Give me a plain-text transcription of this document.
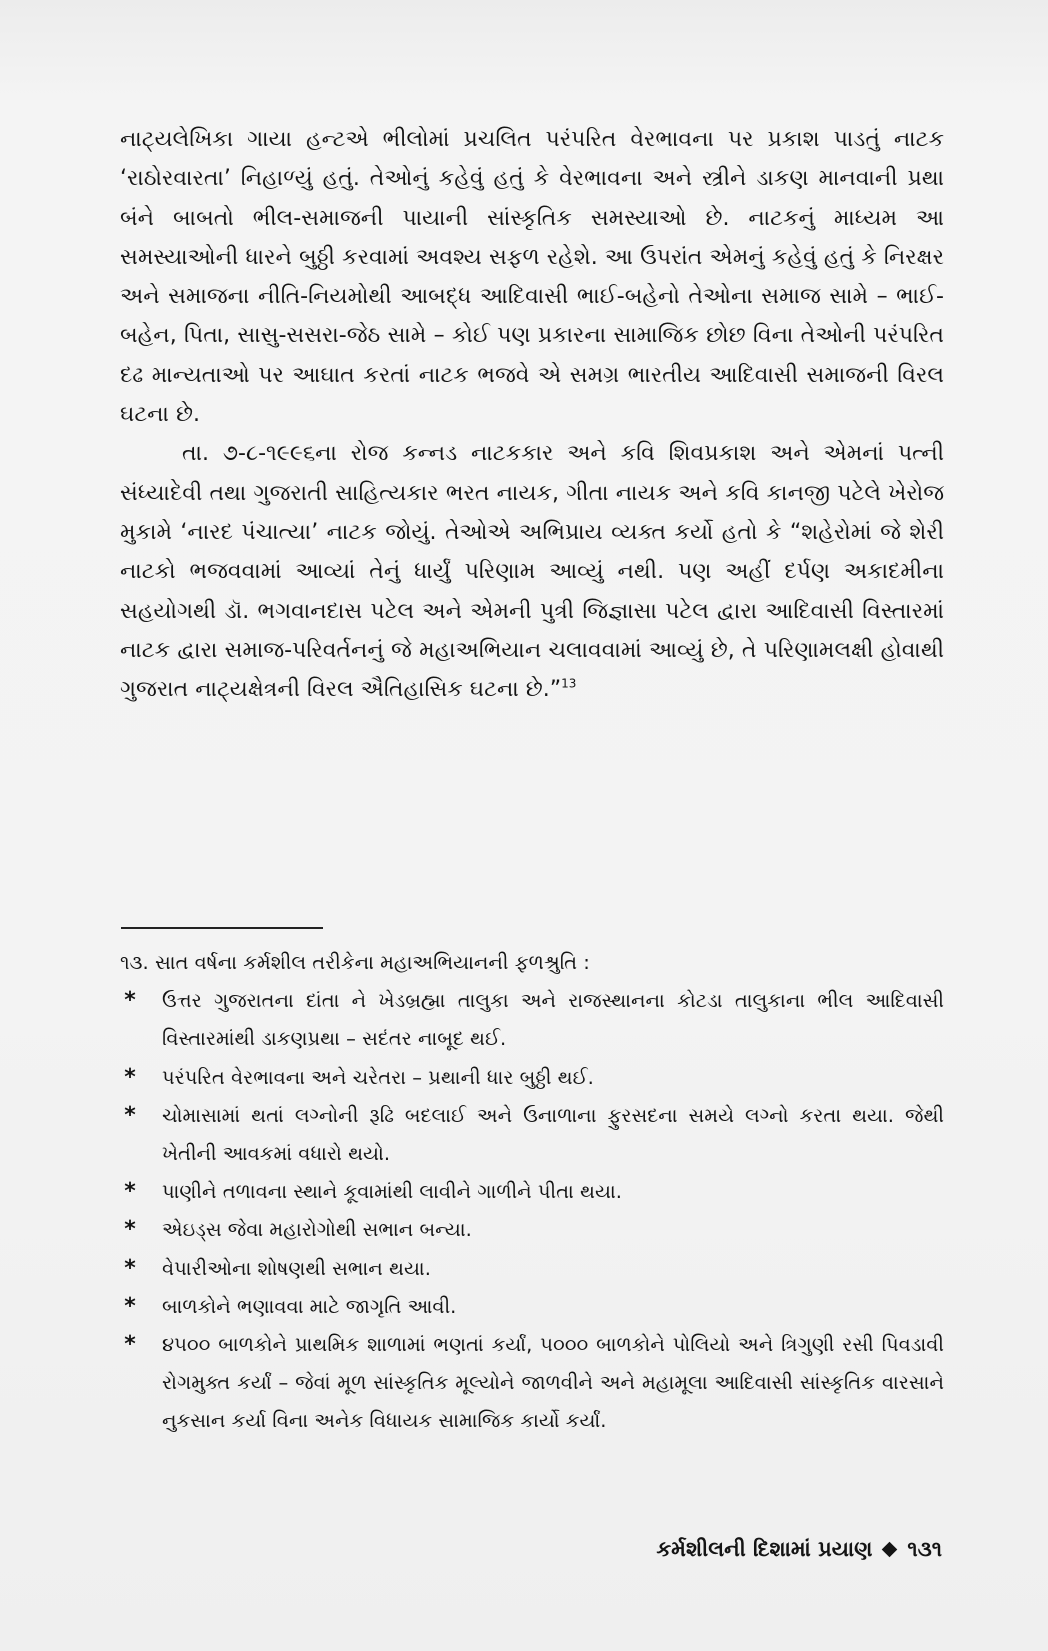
નાટ્યલેખિકા ગાયા હન્ટએ ભીલોમાં પ્રચલિત પરંપરિત વેરભાવના પર પ્રકાશ પાડતું નાટક ‘રાઠોરવારતા’ નિહાળ્યું હતું. તેઓનું કહેવું હતું કે વેરભાવના અને સ્ત્રીને ડાકણ માનવાની પ્રથા બંને બાબતો ભીલ-સમાજની પાયાની સાંસ્કૃતિક સમસ્યાઓ છે. નાટકનું માધ્યમ આ સમસ્યાઓની ધારને બુઠ્ઠી કરવામાં અવશ્ય સફળ રહેશે. આ ઉપરાંત એમનું કહેવું હતું કે નિરક્ષર અને સમાજના નીતિ-નિયમોથી આબદ્ધ આદિવાસી ભાઈ-બહેનો તેઓના સમાજ સામે – ભાઈ-બહેન, પિતા, સાસુ-સસરા-જેઠ સામે – કોઈ પણ પ્રકારના સામાજિક છોછ વિના તેઓની પરંપરિત દઢ માન્યતાઓ પર આઘાત કરતાં નાટક ભજવે એ સમગ્ર ભારતીય આદિવાસી સમાજની વિરલ ઘટના છે.

તા. ૭-૮-૧૯૯૬ના રોજ કન્નડ નાટકકાર અને કવિ શિવપ્રકાશ અને એમનાં પત્ની સંધ્યાદેવી તથા ગુજરાતી સાહિત્યકાર ભરત નાયક, ગીતા નાયક અને કવિ કાનજી પટેલે ખેરોજ મુકામે ‘નારદ પંચાત્યા’ નાટક જોયું. તેઓએ અભિપ્રાય વ્યક્ત કર્યો હતો કે “શહેરોમાં જે શેરી નાટકો ભજવવામાં આવ્યાં તેનું ધાર્યું પરિણામ આવ્યું નથી. પણ અહીં દર્પણ અકાદમીના સહયોગથી ડૉ. ભગવાનદાસ પટેલ અને એમની પુત્રી જિજ્ઞાસા પટેલ દ્વારા આદિવાસી વિસ્તારમાં નાટક દ્વારા સમાજ-પરિવર્તનનું જે મહાઅભિયાન ચલાવવામાં આવ્યું છે, તે પરિણામલક્ષી હોવાથી ગુજરાત નાટ્યક્ષેત્રની વિરલ ઐતિહાસિક ઘટના છે.”$^{13}$

૧૩. સાત વર્ષના કર્મશીલ તરીકેના મહાઅભિયાનની ફળશ્રુતિ :

* ઉત્તર ગુજરાતના દાંતા ને ખેડબ્રહ્મા તાલુકા અને રાજસ્થાનના કોટડા તાલુકાના ભીલ આદિવાસી વિસ્તારમાંથી ડાકણપ્રથા – સદંતર નાબૂદ થઈ.
* પરંપરિત વેરભાવના અને ચરેતરા – પ્રથાની ધાર બુઠ્ઠી થઈ.
* ચોમાસામાં થતાં લગ્નોની રૂઢિ બદલાઈ અને ઉનાળાના ફુરસદના સમયે લગ્નો કરતા થયા. જેથી ખેતીની આવકમાં વધારો થયો.
* પાણીને તળાવના સ્થાને કૂવામાંથી લાવીને ગાળીને પીતા થયા.
* એઇડ્સ જેવા મહારોગોથી સભાન બન્યા.
* વેપારીઓના શોષણથી સભાન થયા.
* બાળકોને ભણાવવા માટે જાગૃતિ આવી.
* ૪૫૦૦ બાળકોને પ્રાથમિક શાળામાં ભણતાં કર્યાં, ૫૦૦૦ બાળકોને પોલિયો અને ત્રિગુણી રસી પિવડાવી રોગમુક્ત કર્યાં – જેવાં મૂળ સાંસ્કૃતિક મૂલ્યોને જાળવીને અને મહામૂલા આદિવાસી સાંસ્કૃતિક વારસાને નુકસાન કર્યા વિના અનેક વિધાયક સામાજિક કાર્યો કર્યાં.
કર્મશીલની દિશામાં પ્રયાણ ૧૩૧
